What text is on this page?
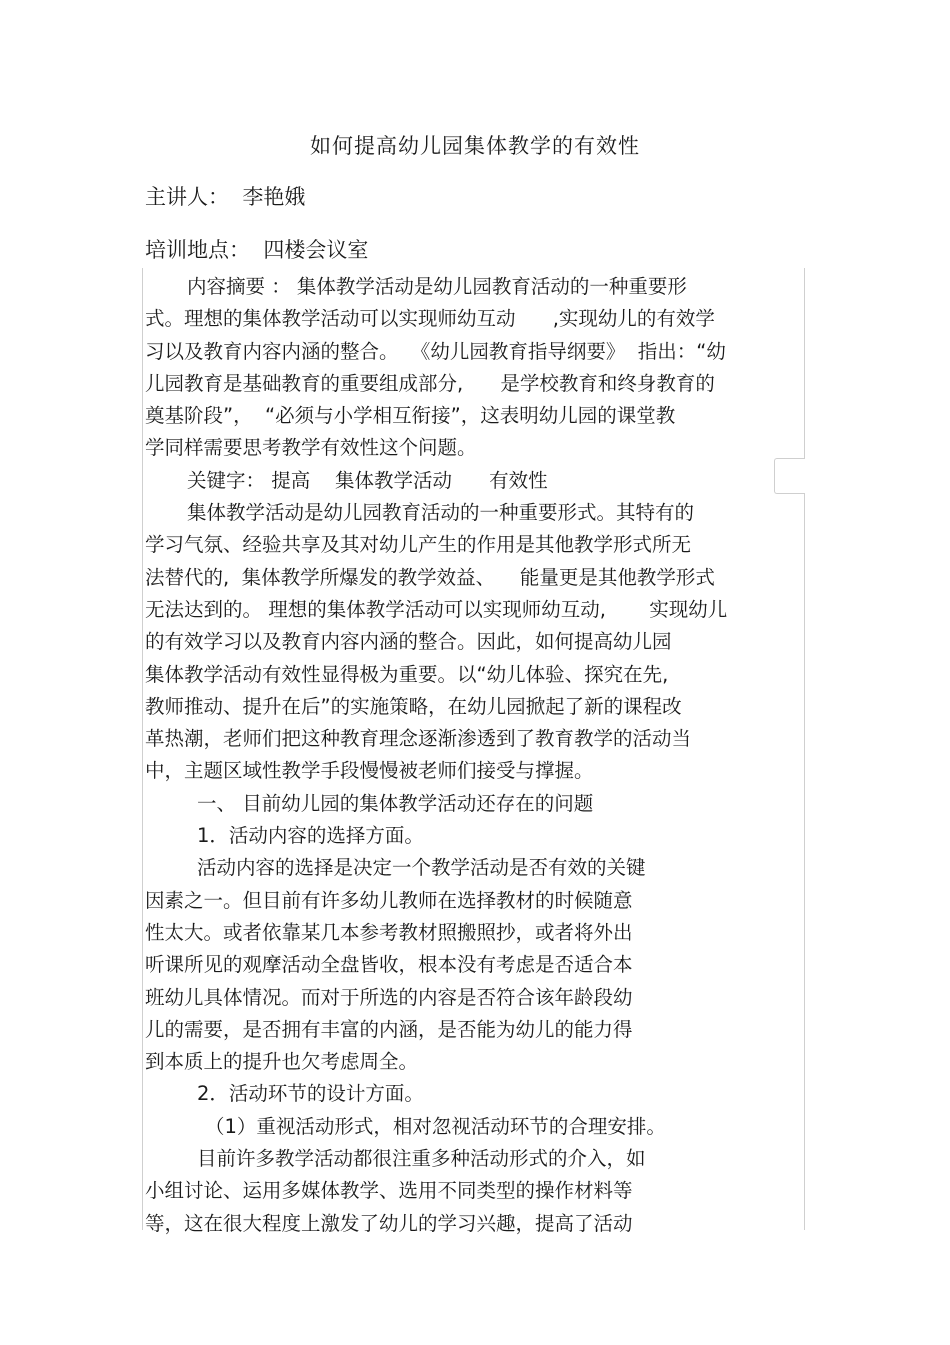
如何提高幼儿园集体教学的有效性
主讲人：  李艳娥
培训地点：  四楼会议室
内容摘要 ： 集体教学活动是幼儿园教育活动的一种重要形
式。理想的集体教学活动可以实现师幼互动      ,实现幼儿的有效学
习以及教育内容内涵的整合。  《幼儿园教育指导纲要》  指出：“幼
儿园教育是基础教育的重要组成部分,      是学校教育和终身教育的
奠基阶段”，  “必须与小学相互衔接”，这表明幼儿园的课堂教
学同样需要思考教学有效性这个问题。
关键字： 提高    集体教学活动      有效性
集体教学活动是幼儿园教育活动的一种重要形式。其特有的
学习气氛、经验共享及其对幼儿产生的作用是其他教学形式所无
法替代的,  集体教学所爆发的教学效益、    能量更是其他教学形式
无法达到的。 理想的集体教学活动可以实现师幼互动,       实现幼儿
的有效学习以及教育内容内涵的整合。因此，如何提高幼儿园
集体教学活动有效性显得极为重要。以“幼儿体验、探究在先,
教师推动、提升在后”的实施策略，在幼儿园掀起了新的课程改
革热潮，老师们把这种教育理念逐渐渗透到了教育教学的活动当
中，主题区域性教学手段慢慢被老师们接受与撑握。
一、 目前幼儿园的集体教学活动还存在的问题
1．活动内容的选择方面。
活动内容的选择是决定一个教学活动是否有效的关键
因素之一。但目前有许多幼儿教师在选择教材的时候随意
性太大。或者依靠某几本参考教材照搬照抄，或者将外出
听课所见的观摩活动全盘皆收，根本没有考虑是否适合本
班幼儿具体情况。而对于所选的内容是否符合该年龄段幼
儿的需要，是否拥有丰富的内涵，是否能为幼儿的能力得
到本质上的提升也欠考虑周全。
2．活动环节的设计方面。
（1）重视活动形式，相对忽视活动环节的合理安排。
目前许多教学活动都很注重多种活动形式的介入，如
小组讨论、运用多媒体教学、选用不同类型的操作材料等
等，这在很大程度上激发了幼儿的学习兴趣，提高了活动
